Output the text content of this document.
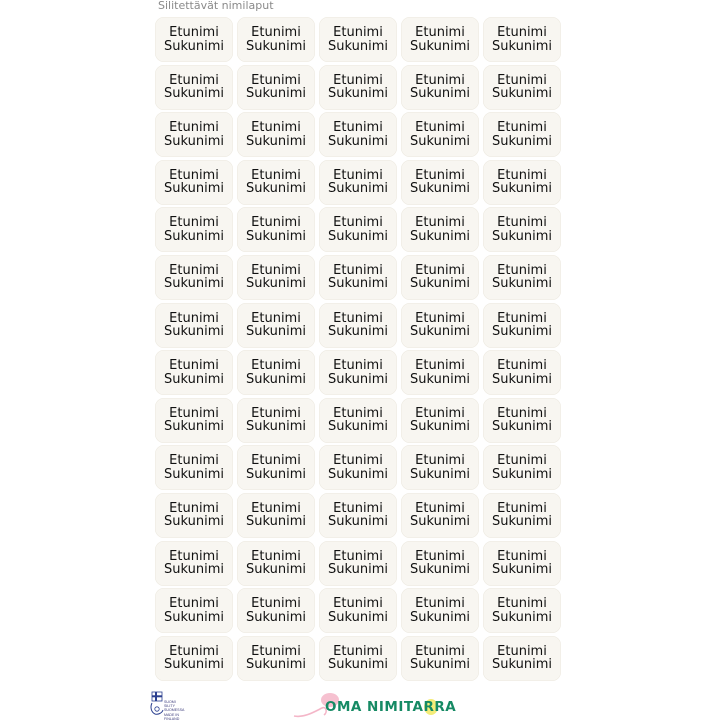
Silitettävät nimilaput
Etunimi
Sukunimi
Etunimi
Sukunimi
Etunimi
Sukunimi
Etunimi
Sukunimi
Etunimi
Sukunimi
Etunimi
Sukunimi
Etunimi
Sukunimi
Etunimi
Sukunimi
Etunimi
Sukunimi
Etunimi
Sukunimi
Etunimi
Sukunimi
Etunimi
Sukunimi
Etunimi
Sukunimi
Etunimi
Sukunimi
Etunimi
Sukunimi
Etunimi
Sukunimi
Etunimi
Sukunimi
Etunimi
Sukunimi
Etunimi
Sukunimi
Etunimi
Sukunimi
Etunimi
Sukunimi
Etunimi
Sukunimi
Etunimi
Sukunimi
Etunimi
Sukunimi
Etunimi
Sukunimi
Etunimi
Sukunimi
Etunimi
Sukunimi
Etunimi
Sukunimi
Etunimi
Sukunimi
Etunimi
Sukunimi
Etunimi
Sukunimi
Etunimi
Sukunimi
Etunimi
Sukunimi
Etunimi
Sukunimi
Etunimi
Sukunimi
Etunimi
Sukunimi
Etunimi
Sukunimi
Etunimi
Sukunimi
Etunimi
Sukunimi
Etunimi
Sukunimi
Etunimi
Sukunimi
Etunimi
Sukunimi
Etunimi
Sukunimi
Etunimi
Sukunimi
Etunimi
Sukunimi
Etunimi
Sukunimi
Etunimi
Sukunimi
Etunimi
Sukunimi
Etunimi
Sukunimi
Etunimi
Sukunimi
Etunimi
Sukunimi
Etunimi
Sukunimi
Etunimi
Sukunimi
Etunimi
Sukunimi
Etunimi
Sukunimi
Etunimi
Sukunimi
Etunimi
Sukunimi
Etunimi
Sukunimi
Etunimi
Sukunimi
Etunimi
Sukunimi
Etunimi
Sukunimi
Etunimi
Sukunimi
Etunimi
Sukunimi
Etunimi
Sukunimi
Etunimi
Sukunimi
Etunimi
Sukunimi
Etunimi
Sukunimi
Etunimi
Sukunimi
Etunimi
Sukunimi
Etunimi
Sukunimi
SUOMI
SILITY SUOMESSA
MADE IN FINLAND
OMA NIMITARRA
